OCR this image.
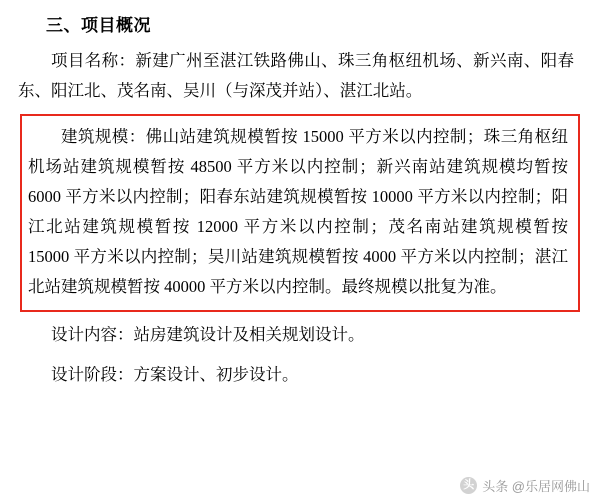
三、项目概况

项目名称：新建广州至湛江铁路佛山、珠三角枢纽机场、新兴南、阳春东、阳江北、茂名南、吴川（与深茂并站）、湛江北站。

建筑规模：佛山站建筑规模暂按 15000 平方米以内控制；珠三角枢纽机场站建筑规模暂按 48500 平方米以内控制；新兴南站建筑规模均暂按 6000 平方米以内控制；阳春东站建筑规模暂按 10000 平方米以内控制；阳江北站建筑规模暂按 12000 平方米以内控制；茂名南站建筑规模暂按 15000 平方米以内控制；吴川站建筑规模暂按 4000 平方米以内控制；湛江北站建筑规模暂按 40000 平方米以内控制。最终规模以批复为准。

设计内容：站房建筑设计及相关规划设计。

设计阶段：方案设计、初步设计。

头 头条 @乐居网佛山
